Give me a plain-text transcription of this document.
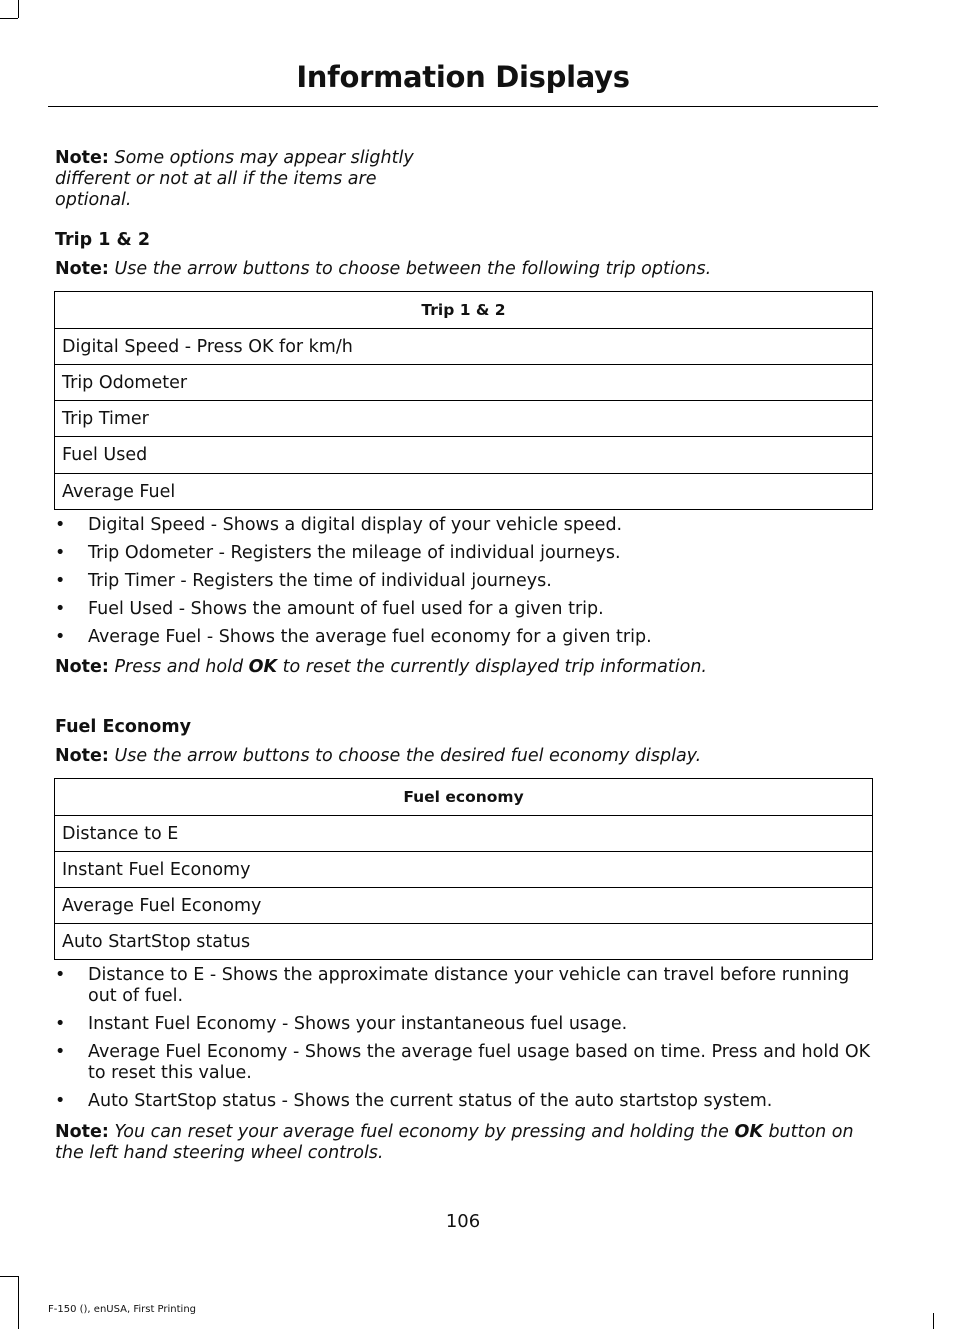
Information Displays
Note: Some options may appear slightly
different or not at all if the items are
optional.
Trip 1 & 2
Note: Use the arrow buttons to choose between the following trip options.
Trip 1 & 2
Digital Speed - Press OK for km/h
Trip Odometer
Trip Timer
Fuel Used
Average Fuel
• Digital Speed - Shows a digital display of your vehicle speed.
• Trip Odometer - Registers the mileage of individual journeys.
• Trip Timer - Registers the time of individual journeys.
• Fuel Used - Shows the amount of fuel used for a given trip.
• Average Fuel - Shows the average fuel economy for a given trip.
Note: Press and hold OK to reset the currently displayed trip information.
Fuel Economy
Note: Use the arrow buttons to choose the desired fuel economy display.
Fuel economy
Distance to E
Instant Fuel Economy
Average Fuel Economy
Auto StartStop status
• Distance to E - Shows the approximate distance your vehicle can travel before running out of fuel.
• Instant Fuel Economy - Shows your instantaneous fuel usage.
• Average Fuel Economy - Shows the average fuel usage based on time. Press and hold OK to reset this value.
• Auto StartStop status - Shows the current status of the auto startstop system.
Note: You can reset your average fuel economy by pressing and holding the OK button on the left hand steering wheel controls.
106
F-150 (), enUSA, First Printing
